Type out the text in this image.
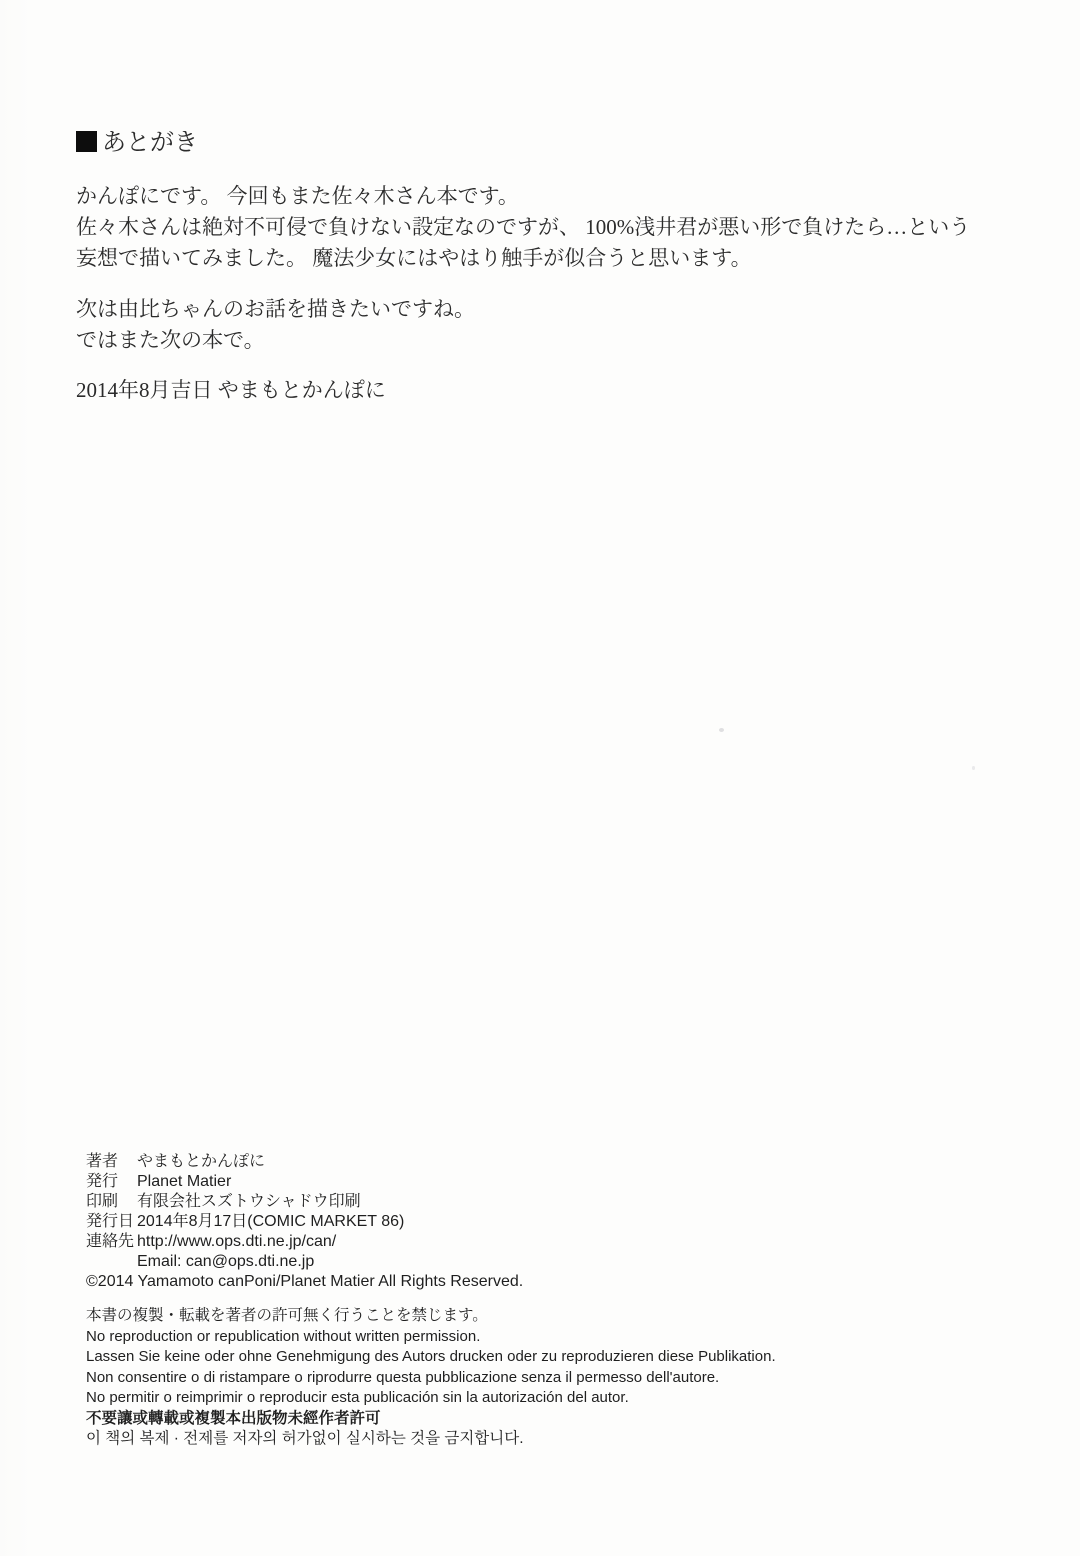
あとがき
かんぽにです。 今回もまた佐々木さん本です。
佐々木さんは絶対不可侵で負けない設定なのですが、 100%浅井君が悪い形で負けたら…という
妄想で描いてみました。 魔法少女にはやはり触手が似合うと思います。
次は由比ちゃんのお話を描きたいですね。
ではまた次の本で。
2014年8月吉日 やまもとかんぽに
著者	やまもとかんぽに
発行	Planet Matier
印刷	有限会社スズトウシャドウ印刷
発行日 2014年8月17日(COMIC MARKET 86)
連絡先 http://www.ops.dti.ne.jp/can/
Email: can@ops.dti.ne.jp
©2014 Yamamoto canPoni/Planet Matier All Rights Reserved.
本書の複製・転載を著者の許可無く行うことを禁じます。
No reproduction or republication without written permission.
Lassen Sie keine oder ohne Genehmigung des Autors drucken oder zu reproduzieren diese Publikation.
Non consentire o di ristampare o riprodurre questa pubblicazione senza il permesso dell'autore.
No permitir o reimprimir o reproducir esta publicación sin la autorización del autor.
不要讓或轉載或複製本出版物未經作者許可
이 책의 복제 · 전제를 저자의 허가없이 실시하는 것을 금지합니다.
